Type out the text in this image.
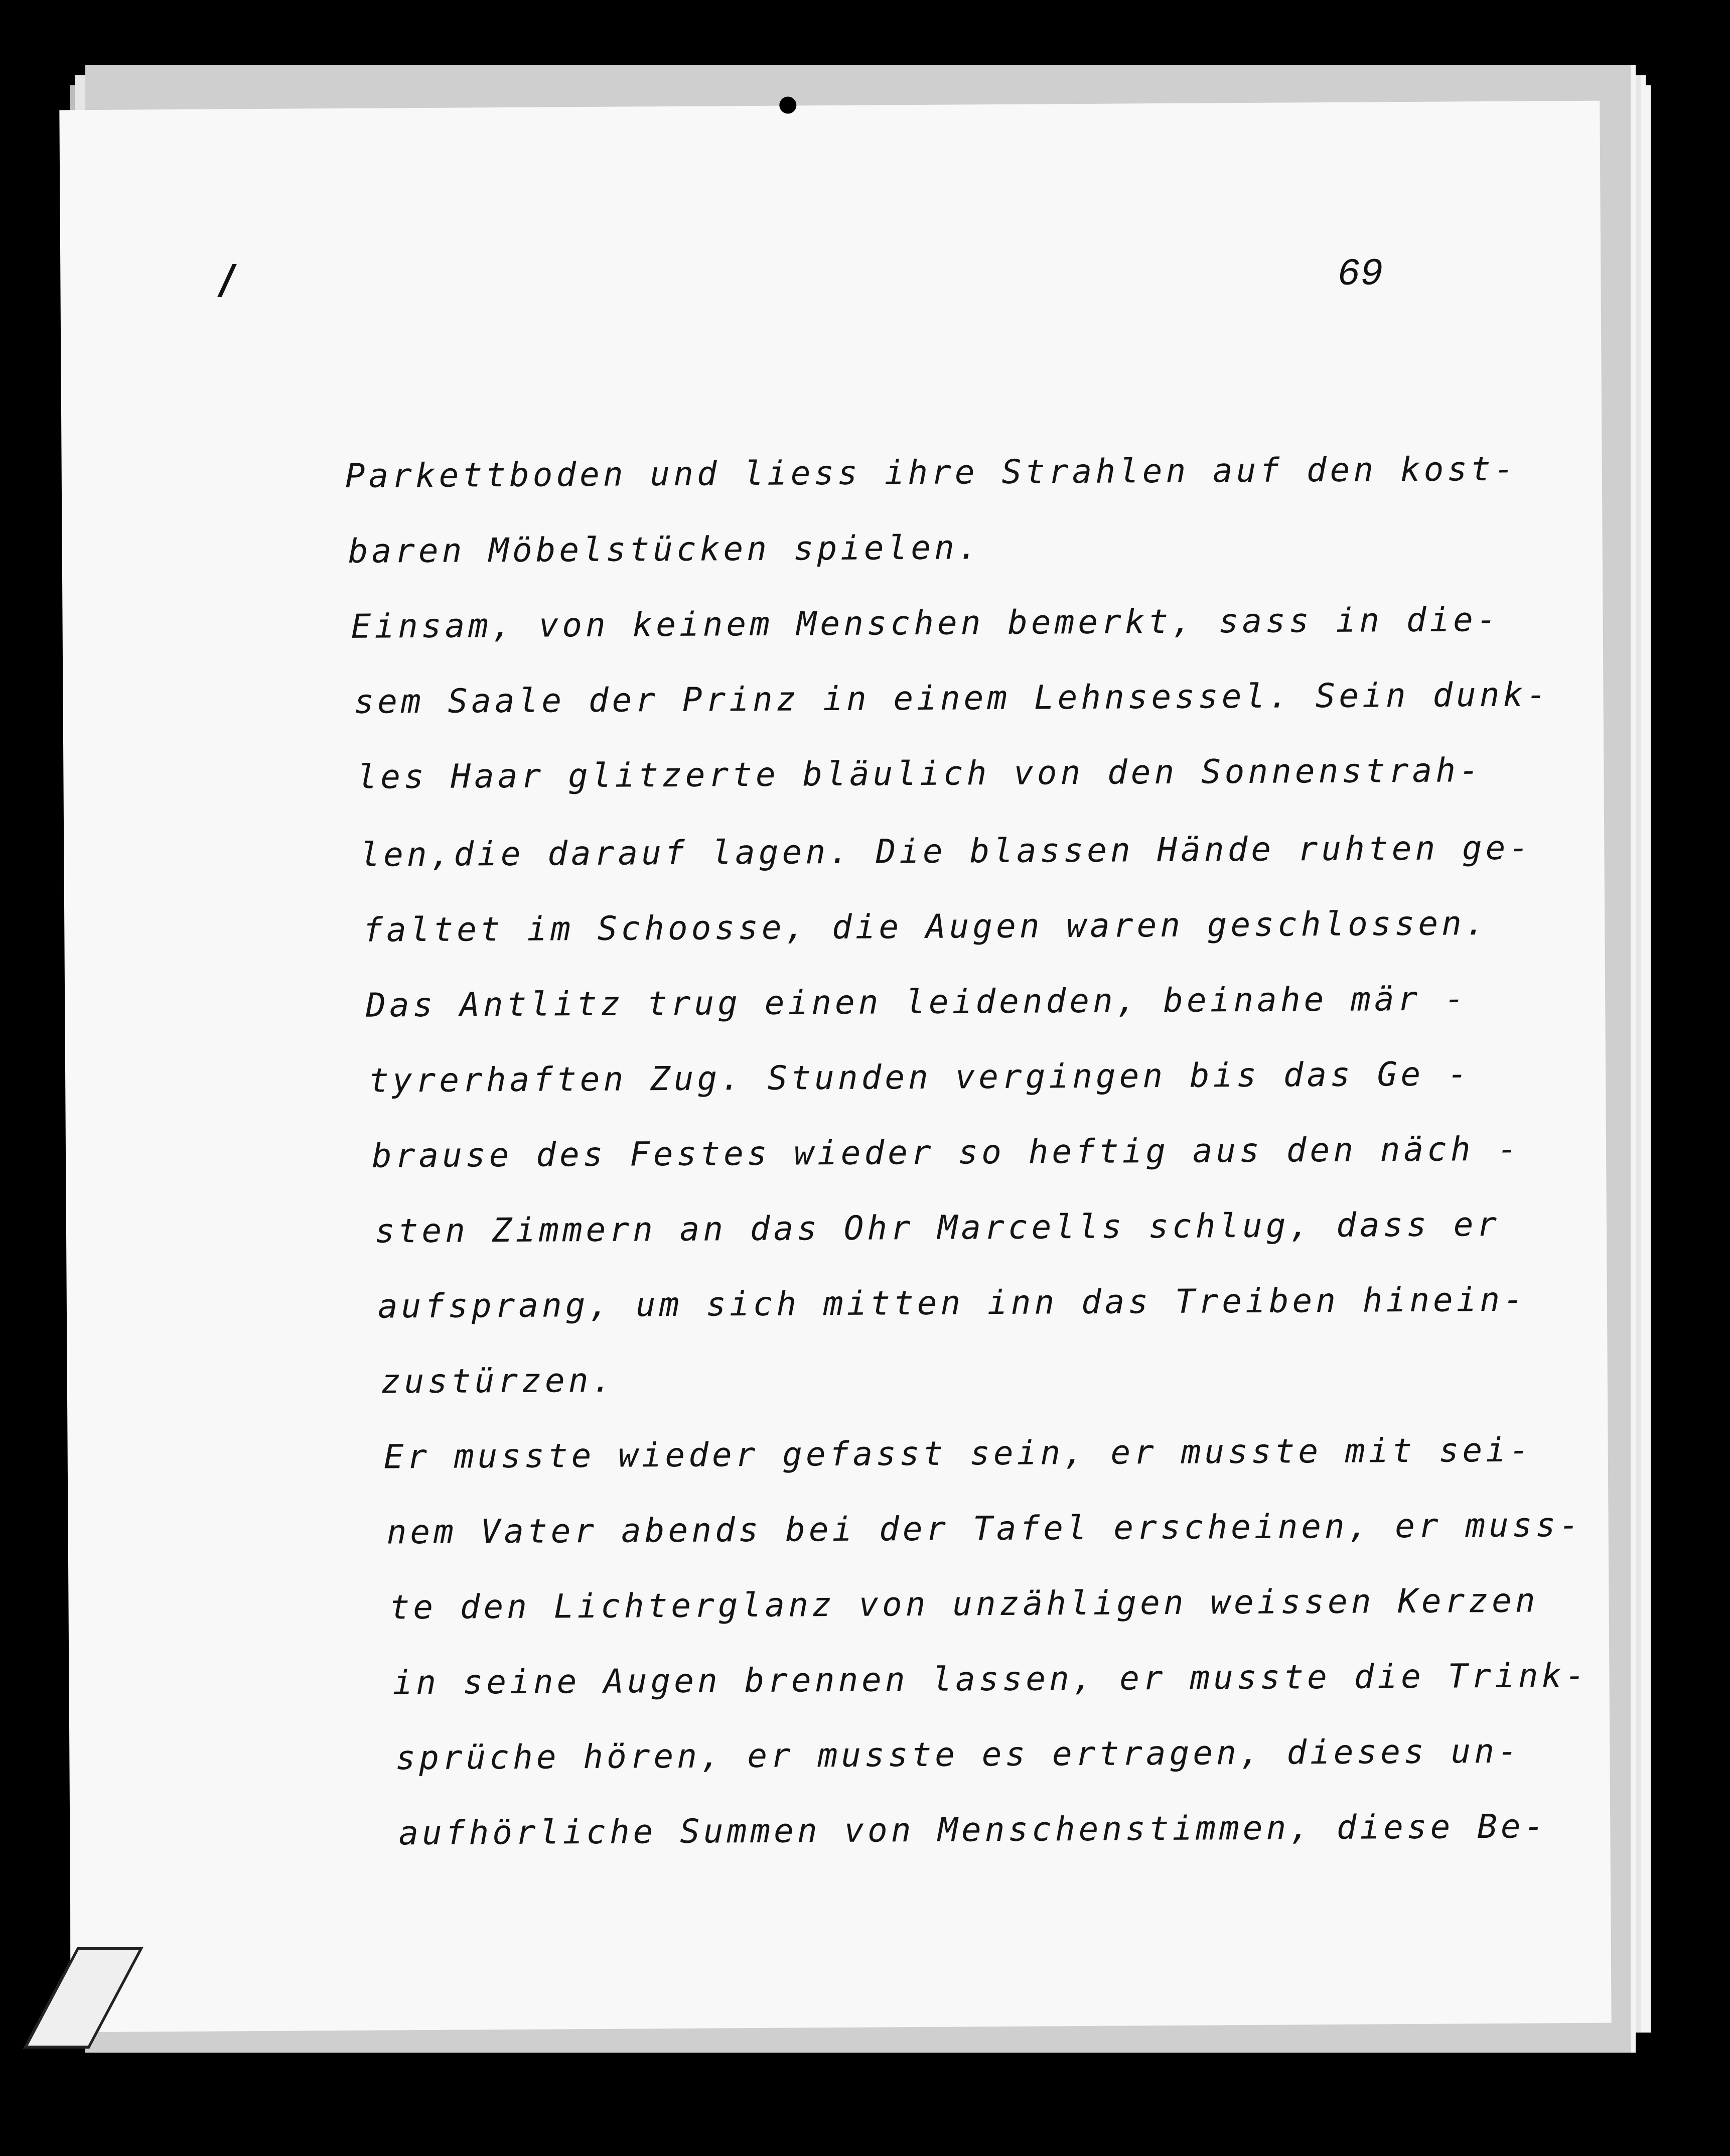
/	69
Parkettboden und liess ihre Strahlen auf den kost-
baren Möbelstücken spielen.
Einsam, von keinem Menschen bemerkt, sass in die-
sem Saale der Prinz in einem Lehnsessel. Sein dunk-
les Haar glitzerte bläulich von den Sonnenstrah-
len,die darauf lagen. Die blassen Hände ruhten ge-
faltet im Schoosse, die Augen waren geschlossen.
Das Antlitz trug einen leidenden, beinahe mär -
tyrerhaften Zug. Stunden vergingen bis das Ge -
brause des Festes wieder so heftig aus den näch -
sten Zimmern an das Ohr Marcells schlug, dass er
aufsprang, um sich mitten inn das Treiben hinein-
zustürzen.
Er musste wieder gefasst sein, er musste mit sei-
nem Vater abends bei der Tafel erscheinen, er muss-
te den Lichterglanz von unzähligen weissen Kerzen
in seine Augen brennen lassen, er musste die Trink-
sprüche hören, er musste es ertragen, dieses un-
aufhörliche Summen von Menschenstimmen, diese Be-
